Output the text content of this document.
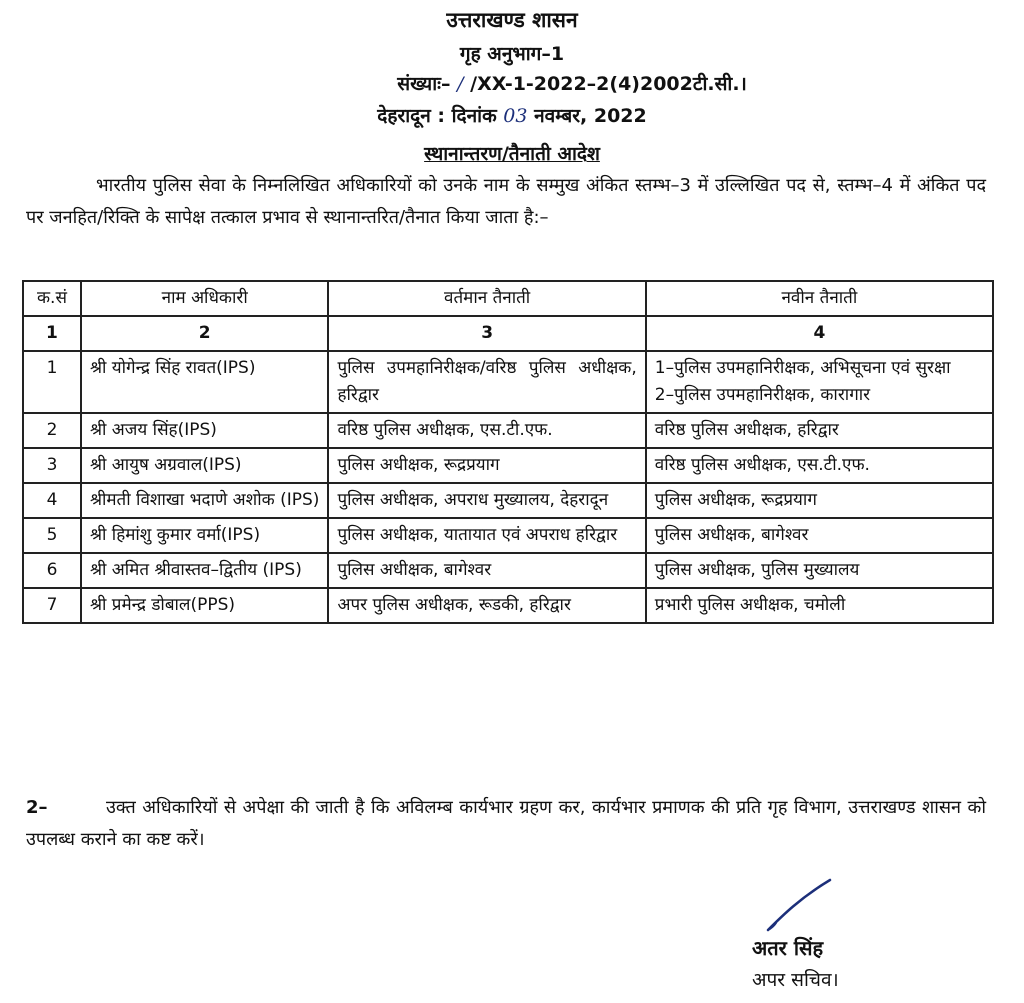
उत्तराखण्ड शासन
गृह अनुभाग–1
संख्याः– / /XX-1-2022–2(4)2002टी.सी.।
देहरादून : दिनांक 03 नवम्बर, 2022
स्थानान्तरण/तैनाती आदेश
भारतीय पुलिस सेवा के निम्नलिखित अधिकारियों को उनके नाम के सम्मुख अंकित स्तम्भ–3 में उल्लिखित पद से, स्तम्भ–4 में अंकित पद पर जनहित/रिक्ति के सापेक्ष तत्काल प्रभाव से स्थानान्तरित/तैनात किया जाता है:–
क.सं	नाम अधिकारी	वर्तमान तैनाती	नवीन तैनाती
1	2	3	4
1	श्री योगेन्द्र सिंह रावत(IPS)	पुलिस उपमहानिरीक्षक/वरिष्ठ पुलिस अधीक्षक, हरिद्वार	1–पुलिस उपमहानिरीक्षक, अभिसूचना एवं सुरक्षा
2–पुलिस उपमहानिरीक्षक, कारागार

2	श्री अजय सिंह(IPS)	वरिष्ठ पुलिस अधीक्षक, एस.टी.एफ.	वरिष्ठ पुलिस अधीक्षक, हरिद्वार
3	श्री आयुष अग्रवाल(IPS)	पुलिस अधीक्षक, रूद्रप्रयाग	वरिष्ठ पुलिस अधीक्षक, एस.टी.एफ.
4	श्रीमती विशाखा भदाणे अशोक (IPS)	पुलिस अधीक्षक, अपराध मुख्यालय, देहरादून	पुलिस अधीक्षक, रूद्रप्रयाग
5	श्री हिमांशु कुमार वर्मा(IPS)	पुलिस अधीक्षक, यातायात एवं अपराध हरिद्वार	पुलिस अधीक्षक, बागेश्वर
6	श्री अमित श्रीवास्तव–द्वितीय (IPS)	पुलिस अधीक्षक, बागेश्वर	पुलिस अधीक्षक, पुलिस मुख्यालय
7	श्री प्रमेन्द्र डोबाल(PPS)	अपर पुलिस अधीक्षक, रूडकी, हरिद्वार	प्रभारी पुलिस अधीक्षक, चमोली
2–	उक्त अधिकारियों से अपेक्षा की जाती है कि अविलम्ब कार्यभार ग्रहण कर, कार्यभार प्रमाणक की प्रति गृह विभाग, उत्तराखण्ड शासन को उपलब्ध कराने का कष्ट करें।
अतर सिंह
अपर सचिव।
